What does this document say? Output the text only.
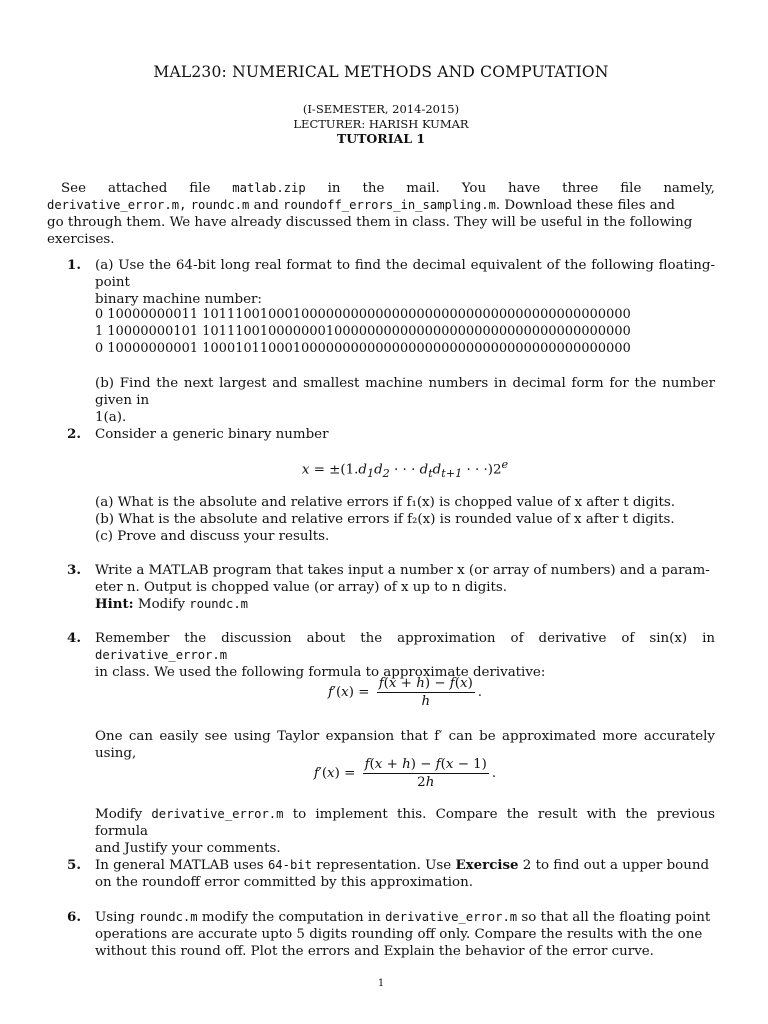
MAL230: NUMERICAL METHODS AND COMPUTATION
(I-SEMESTER, 2014-2015)
LECTURER: HARISH KUMAR
TUTORIAL 1
See attached file matlab.zip in the mail. You have three file namely,
derivative_error.m, roundc.m and roundoff_errors_in_sampling.m. Download these files and
go through them. We have already discussed them in class. They will be useful in the following
exercises.
1. (a) Use the 64-bit long real format to find the decimal equivalent of the following floating-point
binary machine number:
0 10000000011 1011100100010000000000000000000000000000000000000000
1 10000000101 1011100100000001000000000000000000000000000000000000
0 10000000001 1000101100010000000000000000000000000000000000000000
(b) Find the next largest and smallest machine numbers in decimal form for the number given in
1(a).
2. Consider a generic binary number
$x = \pm(1.d_1d_2$ · · · $d_td_{t+1}$ · · $\cdot)2^e$
(a) What is the absolute and relative errors if f₁(x) is chopped value of x after t digits.
(b) What is the absolute and relative errors if f₂(x) is rounded value of x after t digits.
(c) Prove and discuss your results.
3. Write a MATLAB program that takes input a number x (or array of numbers) and a param-
eter n. Output is chopped value (or array) of x up to n digits.
Hint: Modify roundc.m
4. Remember the discussion about the approximation of derivative of sin(x) in derivative_error.m
in class. We used the following formula to approximate derivative:
$f'(x) = \frac{f(x + h) - f(x)}{h}$ .
One can easily see using Taylor expansion that f′ can be approximated more accurately using,
$f'(x) = \frac{f(x + h) - f(x - 1)}{2h}$ .
Modify derivative_error.m to implement this. Compare the result with the previous formula
and Justify your comments.
5. In general MATLAB uses 64-bit representation. Use Exercise 2 to find out a upper bound
on the roundoff error committed by this approximation.
6. Using roundc.m modify the computation in derivative_error.m so that all the floating point
operations are accurate upto 5 digits rounding off only. Compare the results with the one
without this round off. Plot the errors and Explain the behavior of the error curve.
1
